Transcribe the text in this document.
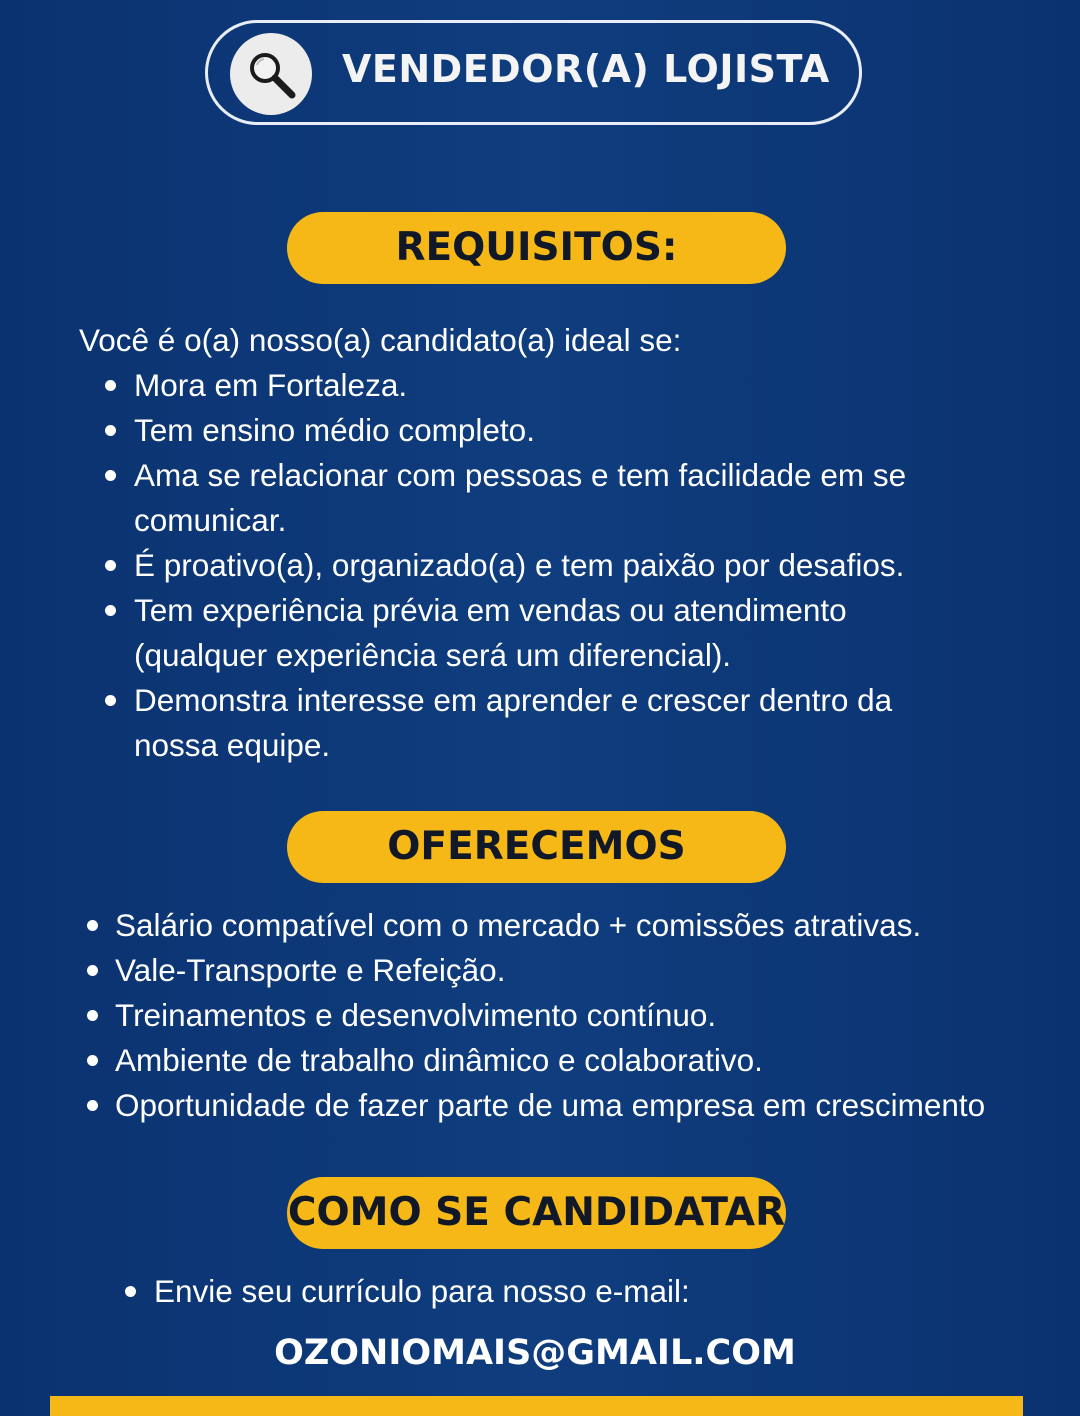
VENDEDOR(A) LOJISTA
REQUISITOS:
Você é o(a) nosso(a) candidato(a) ideal se:
Mora em Fortaleza.
Tem ensino médio completo.
Ama se relacionar com pessoas e tem facilidade em se comunicar.
É proativo(a), organizado(a) e tem paixão por desafios.
Tem experiência prévia em vendas ou atendimento (qualquer experiência será um diferencial).
Demonstra interesse em aprender e crescer dentro da nossa equipe.
OFERECEMOS
Salário compatível com o mercado + comissões atrativas.
Vale-Transporte e Refeição.
Treinamentos e desenvolvimento contínuo.
Ambiente de trabalho dinâmico e colaborativo.
Oportunidade de fazer parte de uma empresa em crescimento
COMO SE CANDIDATAR
Envie seu currículo para nosso e-mail:
OZONIOMAIS@GMAIL.COM
